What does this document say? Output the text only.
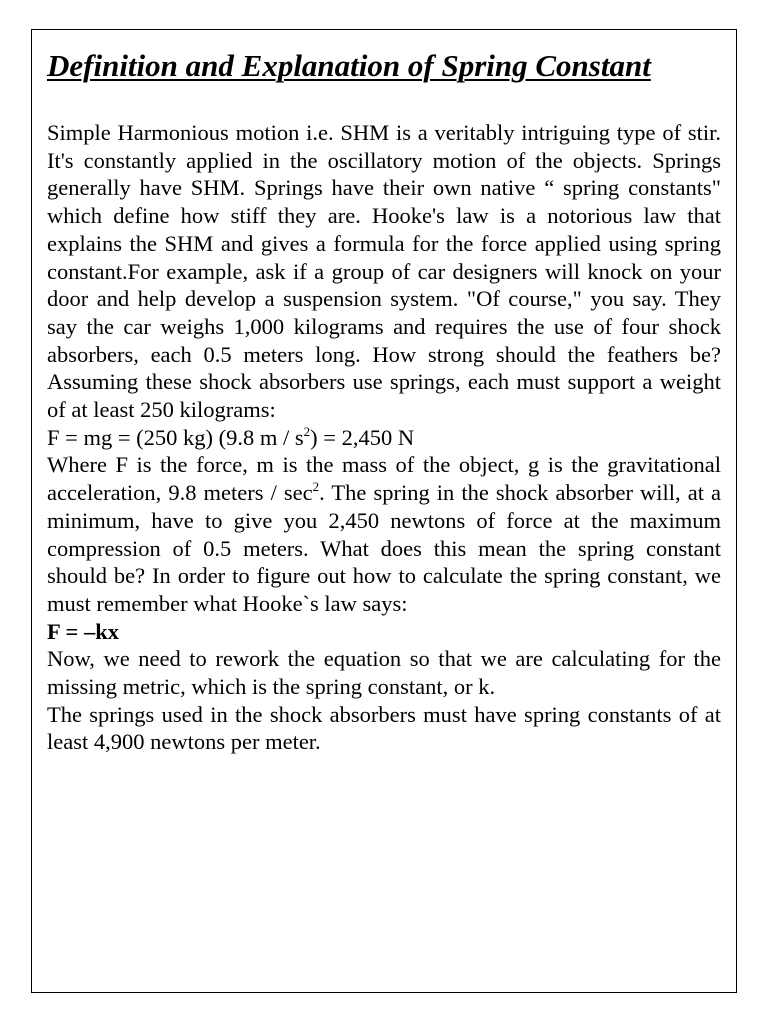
Definition and Explanation of Spring Constant

Simple Harmonious motion i.e. SHM is a veritably intriguing type of stir. It's constantly applied in the oscillatory motion of the objects. Springs generally have SHM. Springs have their own native “ spring constants" which define how stiff they are. Hooke's law is a notorious law that explains the SHM and gives a formula for the force applied using spring constant.For example, ask if a group of car designers will knock on your door and help develop a suspension system. "Of course," you say. They say the car weighs 1,000 kilograms and requires the use of four shock absorbers, each 0.5 meters long. How strong should the feathers be? Assuming these shock absorbers use springs, each must support a weight of at least 250 kilograms:

F = mg = (250 kg) (9.8 $m / s^2) = 2,450$ N

Where F is the force, m is the mass of the object, g is the gravitational acceleration, 9.8 meters / $\sec^2$. The spring in the shock absorber will, at a minimum, have to give you 2,450 newtons of force at the maximum compression of 0.5 meters. What does this mean the spring constant should be? In order to figure out how to calculate the spring constant, we must remember what Hooke`s law says:

F = –kx

Now, we need to rework the equation so that we are calculating for the missing metric, which is the spring constant, or k.

The springs used in the shock absorbers must have spring constants of at least 4,900 newtons per meter.
